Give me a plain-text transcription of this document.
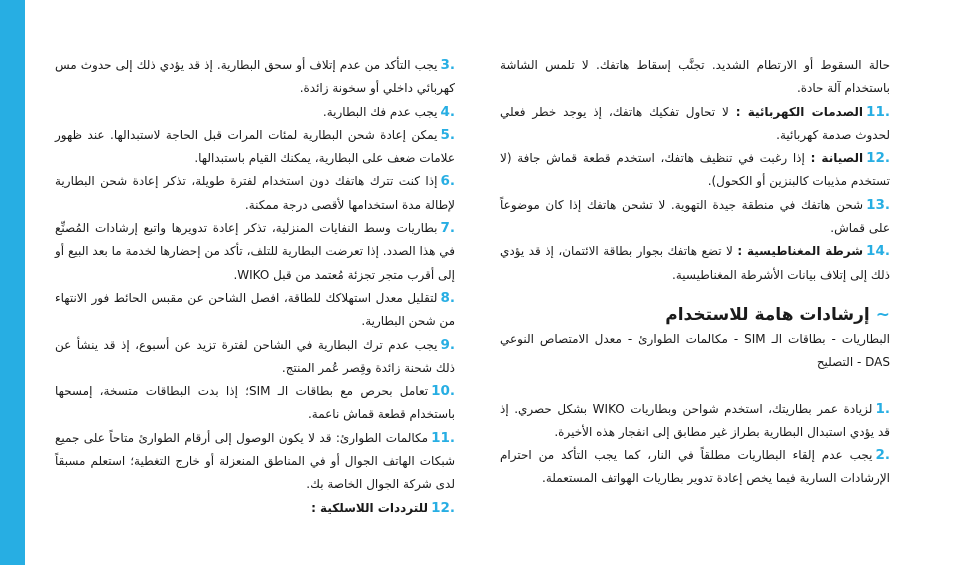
.3يجب التأكد من عدم إتلاف أو سحق البطارية. إذ قد يؤدي ذلك إلى حدوث مس كهربائي داخلي أو سخونة زائدة.

.4يجب عدم فك البطارية.

.5يمكن إعادة شحن البطارية لمئات المرات قبل الحاجة لاستبدالها. عند ظهور علامات ضعف على البطارية، يمكنك القيام باستبدالها.

.6إذا كنت تترك هاتفك دون استخدام لفترة طويلة، تذكر إعادة شحن البطارية لإطالة مدة استخدامها لأقصى درجة ممكنة.

.7بطاريات وسط النفايات المنزلية، تذكر إعادة تدويرها واتبع إرشادات المُصنِّع في هذا الصدد. إذا تعرضت البطارية للتلف، تأكد من إحضارها لخدمة ما بعد البيع أو إلى أقرب متجر تجزئة مُعتمد من قبل WIKO.

.8لتقليل معدل استهلاكك للطاقة، افصل الشاحن عن مقبس الحائط فور الانتهاء من شحن البطارية.

.9يجب عدم ترك البطارية في الشاحن لفترة تزيد عن أسبوع، إذ قد ينشأ عن ذلك شحنة زائدة وقِصر عُمر المنتج.

.10تعامل بحرص مع بطاقات الـ SIM؛ إذا بدت البطاقات متسخة، إمسحها باستخدام قطعة قماش ناعمة.

.11مكالمات الطوارئ: قد لا يكون الوصول إلى أرقام الطوارئ متاحاً على جميع شبكات الهاتف الجوال أو في المناطق المنعزلة أو خارج التغطية؛ استعلم مسبقاً لدى شركة الجوال الخاصة بك.

.12للترددات اللاسلكية :

حالة السقوط أو الارتطام الشديد. تجنَّب إسقاط هاتفك. لا تلمس الشاشة باستخدام آلة حادة.

.11الصدمات الكهربائية : لا تحاول تفكيك هاتفك، إذ يوجد خطر فعلي لحدوث صدمة كهربائية.

.12الصيانة : إذا رغبت في تنظيف هاتفك، استخدم قطعة قماش جافة (لا تستخدم مذيبات كالبنزين أو الكحول).

.13شحن هاتفك في منطقة جيدة التهوية. لا تشحن هاتفك إذا كان موضوعاً على قماش.

.14شرطة المغناطيسية : لا تضع هاتفك بجوار بطاقة الائتمان، إذ قد يؤدي ذلك إلى إتلاف بيانات الأشرطة المغناطيسية.

~إرشادات هامة للاستخدام

البطاريات - بطاقات الـ SIM - مكالمات الطوارئ - معدل الامتصاص النوعي DAS - التصليح

.1لزيادة عمر بطاريتك، استخدم شواحن وبطاريات WIKO بشكل حصري. إذ قد يؤدي استبدال البطارية بطراز غير مطابق إلى انفجار هذه الأخيرة.

.2يجب عدم إلقاء البطاريات مطلقاً في النار، كما يجب التأكد من احترام الإرشادات السارية فيما يخص إعادة تدوير بطاريات الهواتف المستعملة.
